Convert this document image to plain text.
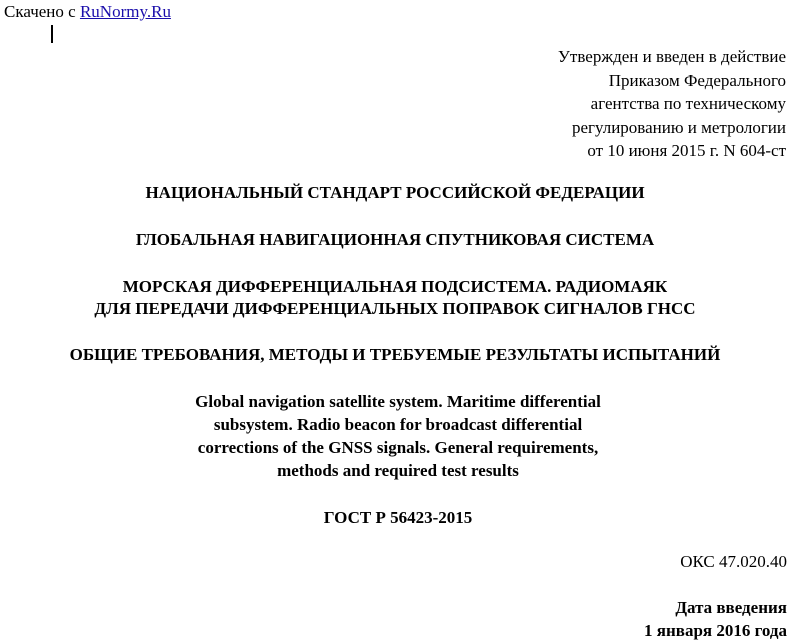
Скачено с RuNormy.Ru
Утвержден и введен в действие
Приказом Федерального
агентства по техническому
регулированию и метрологии
от 10 июня 2015 г. N 604-ст
НАЦИОНАЛЬНЫЙ СТАНДАРТ РОССИЙСКОЙ ФЕДЕРАЦИИ
ГЛОБАЛЬНАЯ НАВИГАЦИОННАЯ СПУТНИКОВАЯ СИСТЕМА
МОРСКАЯ ДИФФЕРЕНЦИАЛЬНАЯ ПОДСИСТЕМА. РАДИОМАЯК
ДЛЯ ПЕРЕДАЧИ ДИФФЕРЕНЦИАЛЬНЫХ ПОПРАВОК СИГНАЛОВ ГНСС
ОБЩИЕ ТРЕБОВАНИЯ, МЕТОДЫ И ТРЕБУЕМЫЕ РЕЗУЛЬТАТЫ ИСПЫТАНИЙ
Global navigation satellite system. Maritime differential
subsystem. Radio beacon for broadcast differential
corrections of the GNSS signals. General requirements,
methods and required test results
ГОСТ Р 56423-2015
ОКС 47.020.40
Дата введения
1 января 2016 года
